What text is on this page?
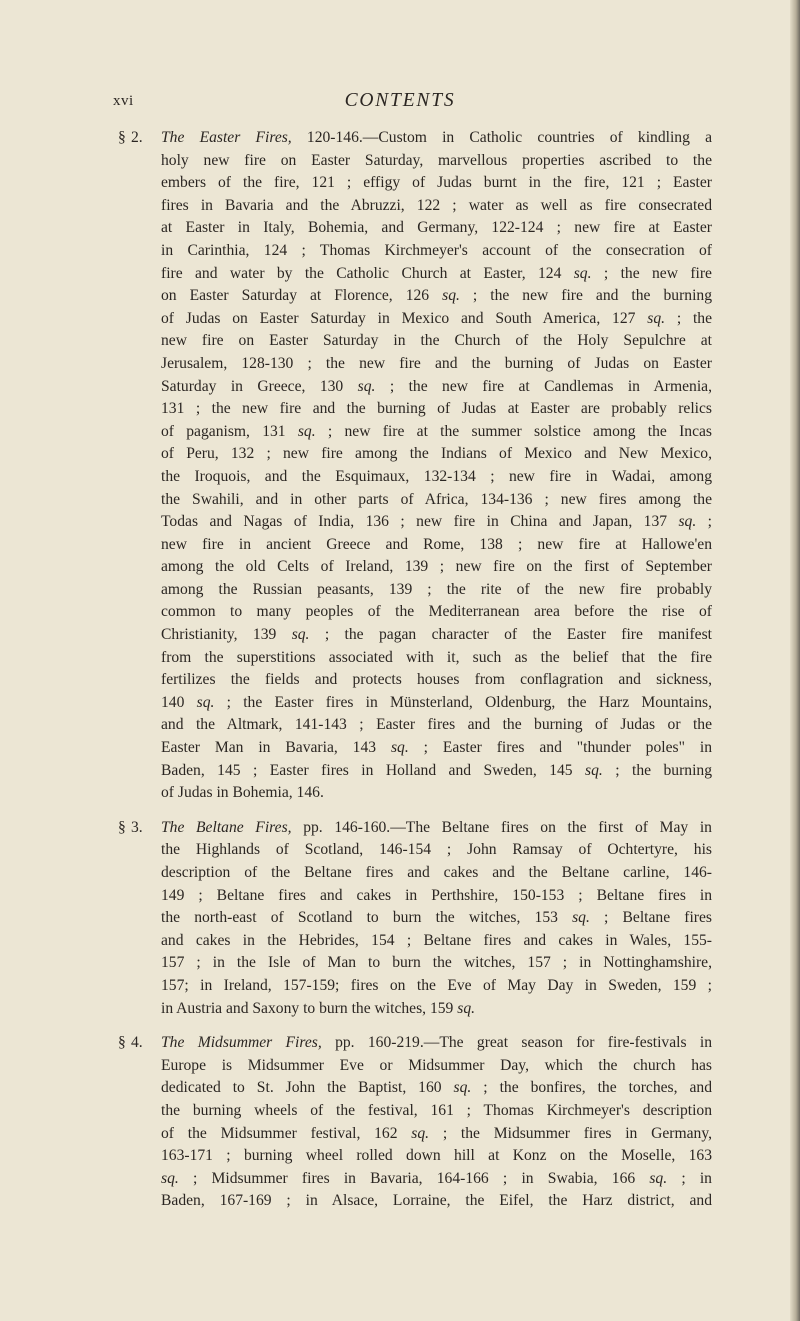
xvi	CONTENTS
§ 2.	The Easter Fires, 120-146.—Custom in Catholic countries of kindling a
holy new fire on Easter Saturday, marvellous properties ascribed to the
embers of the fire, 121 ; effigy of Judas burnt in the fire, 121 ; Easter
fires in Bavaria and the Abruzzi, 122 ; water as well as fire consecrated
at Easter in Italy, Bohemia, and Germany, 122-124 ; new fire at Easter
in Carinthia, 124 ; Thomas Kirchmeyer's account of the consecration of
fire and water by the Catholic Church at Easter, 124 sq. ; the new fire
on Easter Saturday at Florence, 126 sq. ; the new fire and the burning
of Judas on Easter Saturday in Mexico and South America, 127 sq. ; the
new fire on Easter Saturday in the Church of the Holy Sepulchre at
Jerusalem, 128-130 ; the new fire and the burning of Judas on Easter
Saturday in Greece, 130 sq. ; the new fire at Candlemas in Armenia,
131 ; the new fire and the burning of Judas at Easter are probably relics
of paganism, 131 sq. ; new fire at the summer solstice among the Incas
of Peru, 132 ; new fire among the Indians of Mexico and New Mexico,
the Iroquois, and the Esquimaux, 132-134 ; new fire in Wadai, among
the Swahili, and in other parts of Africa, 134-136 ; new fires among the
Todas and Nagas of India, 136 ; new fire in China and Japan, 137 sq. ;
new fire in ancient Greece and Rome, 138 ; new fire at Hallowe'en
among the old Celts of Ireland, 139 ; new fire on the first of September
among the Russian peasants, 139 ; the rite of the new fire probably
common to many peoples of the Mediterranean area before the rise of
Christianity, 139 sq. ; the pagan character of the Easter fire manifest
from the superstitions associated with it, such as the belief that the fire
fertilizes the fields and protects houses from conflagration and sickness,
140 sq. ; the Easter fires in Münsterland, Oldenburg, the Harz Mountains,
and the Altmark, 141-143 ; Easter fires and the burning of Judas or the
Easter Man in Bavaria, 143 sq. ; Easter fires and "thunder poles" in
Baden, 145 ; Easter fires in Holland and Sweden, 145 sq. ; the burning
of Judas in Bohemia, 146.
§ 3.	The Beltane Fires, pp. 146-160.—The Beltane fires on the first of May in
the Highlands of Scotland, 146-154 ; John Ramsay of Ochtertyre, his
description of the Beltane fires and cakes and the Beltane carline, 146-
149 ; Beltane fires and cakes in Perthshire, 150-153 ; Beltane fires in
the north-east of Scotland to burn the witches, 153 sq. ; Beltane fires
and cakes in the Hebrides, 154 ; Beltane fires and cakes in Wales, 155-
157 ; in the Isle of Man to burn the witches, 157 ; in Nottinghamshire,
157; in Ireland, 157-159; fires on the Eve of May Day in Sweden, 159 ;
in Austria and Saxony to burn the witches, 159 sq.
§ 4.	The Midsummer Fires, pp. 160-219.—The great season for fire-festivals in
Europe is Midsummer Eve or Midsummer Day, which the church has
dedicated to St. John the Baptist, 160 sq. ; the bonfires, the torches, and
the burning wheels of the festival, 161 ; Thomas Kirchmeyer's description
of the Midsummer festival, 162 sq. ; the Midsummer fires in Germany,
163-171 ; burning wheel rolled down hill at Konz on the Moselle, 163
sq. ; Midsummer fires in Bavaria, 164-166 ; in Swabia, 166 sq. ; in
Baden, 167-169 ; in Alsace, Lorraine, the Eifel, the Harz district, and
